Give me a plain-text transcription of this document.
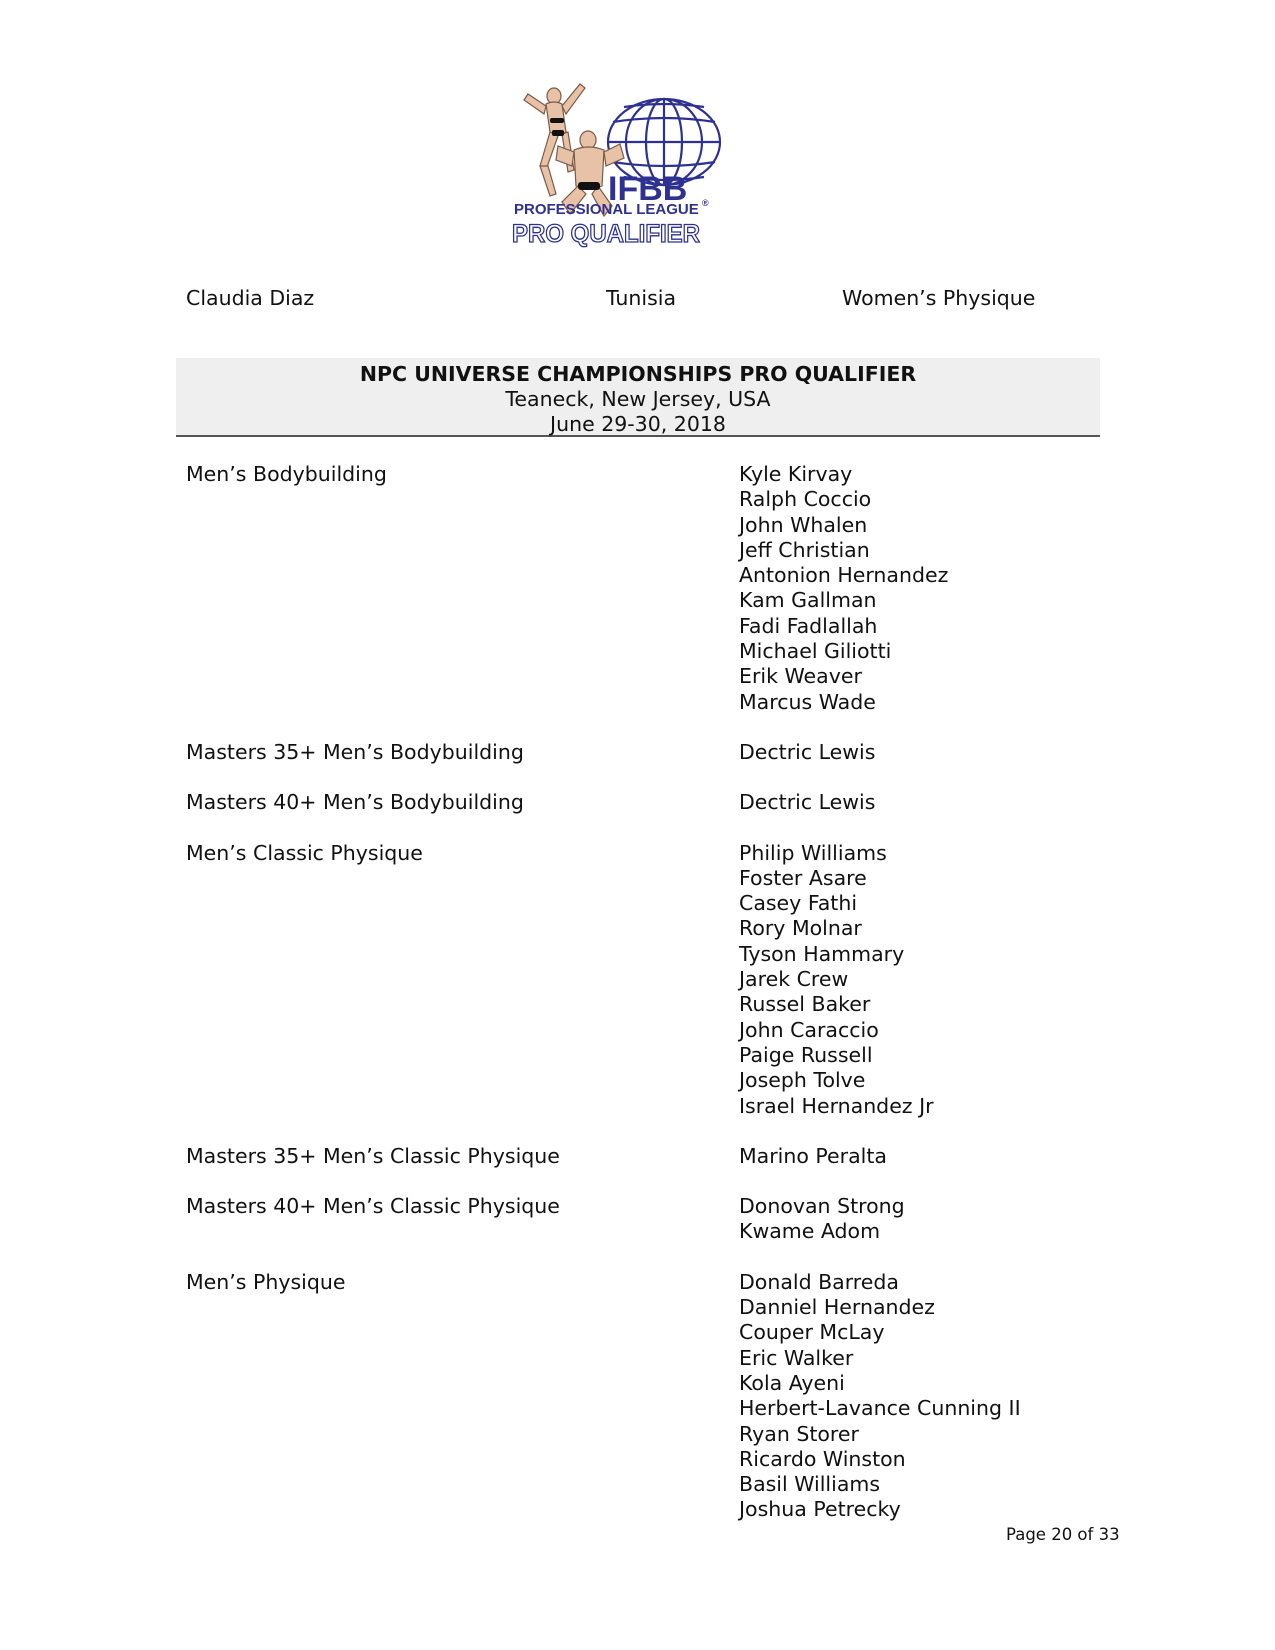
IFBB
PROFESSIONAL LEAGUE ®
PRO QUALIFIER
Claudia Diaz	Tunisia	Women’s Physique
NPC UNIVERSE CHAMPIONSHIPS PRO QUALIFIER
Teaneck, New Jersey, USA
June 29-30, 2018
Men’s Bodybuilding	Kyle Kirvay
Ralph Coccio
John Whalen
Jeff Christian
Antonion Hernandez
Kam Gallman
Fadi Fadlallah
Michael Giliotti
Erik Weaver
Marcus Wade
Masters 35+ Men’s Bodybuilding	Dectric Lewis
Masters 40+ Men’s Bodybuilding	Dectric Lewis
Men’s Classic Physique	Philip Williams
Foster Asare
Casey Fathi
Rory Molnar
Tyson Hammary
Jarek Crew
Russel Baker
John Caraccio
Paige Russell
Joseph Tolve
Israel Hernandez Jr
Masters 35+ Men’s Classic Physique	Marino Peralta
Masters 40+ Men’s Classic Physique	Donovan Strong
Kwame Adom
Men’s Physique	Donald Barreda
Danniel Hernandez
Couper McLay
Eric Walker
Kola Ayeni
Herbert-Lavance Cunning II
Ryan Storer
Ricardo Winston
Basil Williams
Joshua Petrecky
Page 20 of 33
